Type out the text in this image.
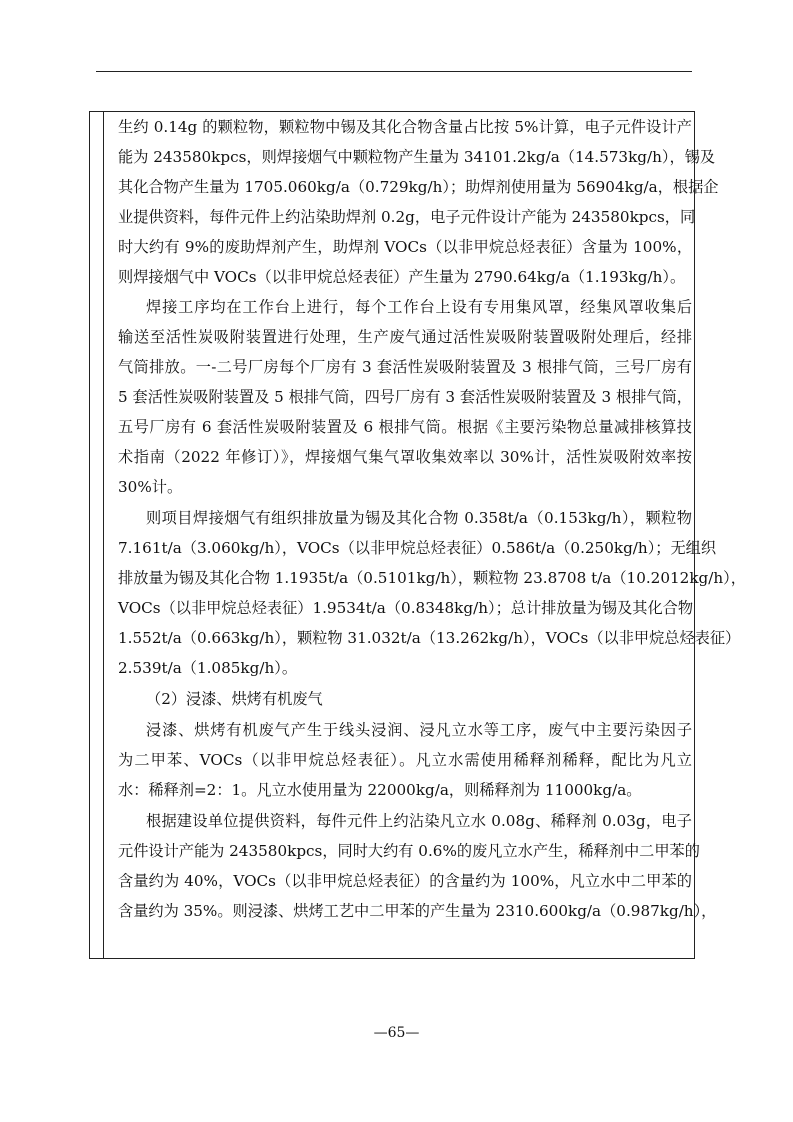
生约 0.14g 的颗粒物，颗粒物中锡及其化合物含量占比按 5%计算，电子元件设计产
能为 243580kpcs，则焊接烟气中颗粒物产生量为 34101.2kg/a（14.573kg/h），锡及
其化合物产生量为 1705.060kg/a（0.729kg/h）；助焊剂使用量为 56904kg/a，根据企
业提供资料，每件元件上约沾染助焊剂 0.2g，电子元件设计产能为 243580kpcs，同
时大约有 9%的废助焊剂产生，助焊剂 VOCs（以非甲烷总烃表征）含量为 100%，
则焊接烟气中 VOCs（以非甲烷总烃表征）产生量为 2790.64kg/a（1.193kg/h）。
焊接工序均在工作台上进行，每个工作台上设有专用集风罩，经集风罩收集后
输送至活性炭吸附装置进行处理，生产废气通过活性炭吸附装置吸附处理后，经排
气筒排放。一-二号厂房每个厂房有 3 套活性炭吸附装置及 3 根排气筒，三号厂房有
5 套活性炭吸附装置及 5 根排气筒，四号厂房有 3 套活性炭吸附装置及 3 根排气筒，
五号厂房有 6 套活性炭吸附装置及 6 根排气筒。根据《主要污染物总量减排核算技
术指南（2022 年修订）》，焊接烟气集气罩收集效率以 30%计，活性炭吸附效率按
30%计。
则项目焊接烟气有组织排放量为锡及其化合物 0.358t/a（0.153kg/h），颗粒物
7.161t/a（3.060kg/h），VOCs（以非甲烷总烃表征）0.586t/a（0.250kg/h）；无组织
排放量为锡及其化合物 1.1935t/a（0.5101kg/h），颗粒物 23.8708 t/a（10.2012kg/h），
VOCs（以非甲烷总烃表征）1.9534t/a（0.8348kg/h）；总计排放量为锡及其化合物
1.552t/a（0.663kg/h），颗粒物 31.032t/a（13.262kg/h），VOCs（以非甲烷总烃表征）
2.539t/a（1.085kg/h）。
（2）浸漆、烘烤有机废气
浸漆、烘烤有机废气产生于线头浸润、浸凡立水等工序，废气中主要污染因子
为二甲苯、VOCs（以非甲烷总烃表征）。凡立水需使用稀释剂稀释，配比为凡立
水：稀释剂=2：1。凡立水使用量为 22000kg/a，则稀释剂为 11000kg/a。
根据建设单位提供资料，每件元件上约沾染凡立水 0.08g、稀释剂 0.03g，电子
元件设计产能为 243580kpcs，同时大约有 0.6%的废凡立水产生，稀释剂中二甲苯的
含量约为 40%，VOCs（以非甲烷总烃表征）的含量约为 100%，凡立水中二甲苯的
含量约为 35%。则浸漆、烘烤工艺中二甲苯的产生量为 2310.600kg/a（0.987kg/h），
—65—
